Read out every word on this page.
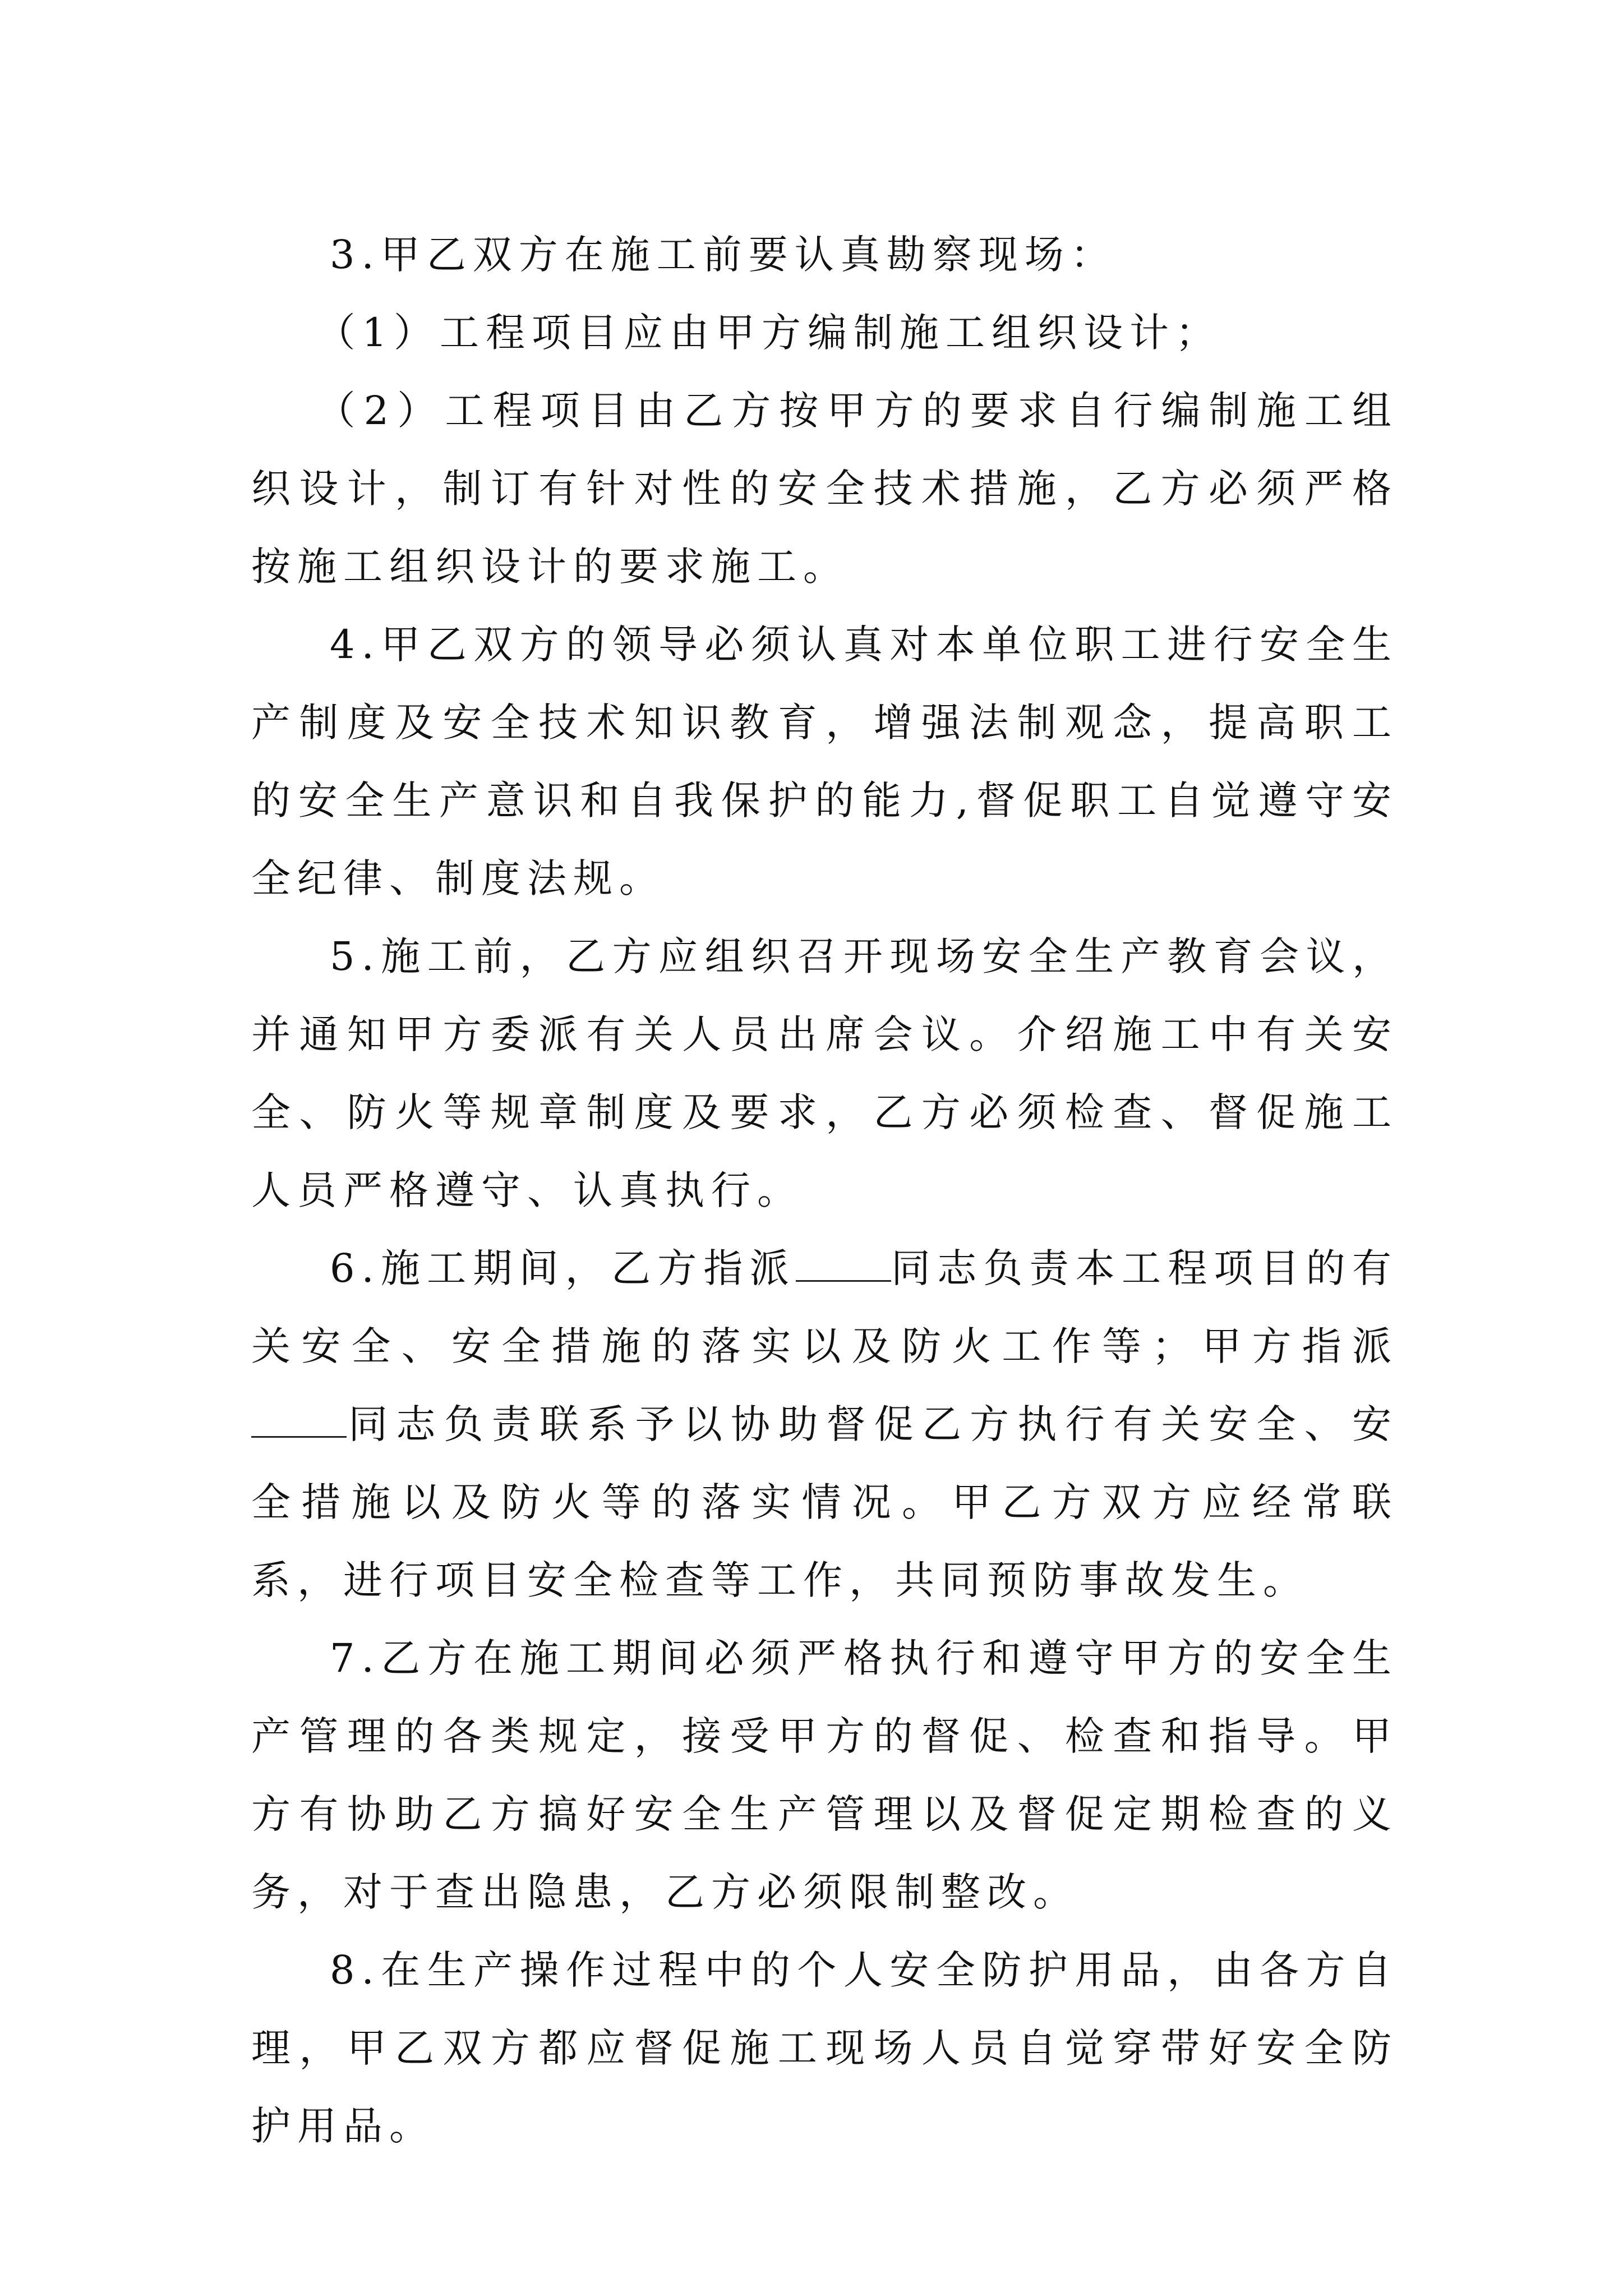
3.甲乙双方在施工前要认真勘察现场：

（1）工程项目应由甲方编制施工组织设计；

（2）工程项目由乙方按甲方的要求自行编制施工组织设计，制订有针对性的安全技术措施，乙方必须严格按施工组织设计的要求施工。

4.甲乙双方的领导必须认真对本单位职工进行安全生产制度及安全技术知识教育，增强法制观念，提高职工的安全生产意识和自我保护的能力,督促职工自觉遵守安全纪律、制度法规。

5.施工前，乙方应组织召开现场安全生产教育会议，并通知甲方委派有关人员出席会议。介绍施工中有关安全、防火等规章制度及要求，乙方必须检查、督促施工人员严格遵守、认真执行。

6.施工期间，乙方指派 同志负责本工程项目的有关安全、安全措施的落实以及防火工作等；甲方指派同志负责联系予以协助督促乙方执行有关安全、安全措施以及防火等的落实情况。甲乙方双方应经常联系，进行项目安全检查等工作，共同预防事故发生。

7.乙方在施工期间必须严格执行和遵守甲方的安全生产管理的各类规定，接受甲方的督促、检查和指导。甲方有协助乙方搞好安全生产管理以及督促定期检查的义务，对于查出隐患，乙方必须限制整改。

8.在生产操作过程中的个人安全防护用品，由各方自理，甲乙双方都应督促施工现场人员自觉穿带好安全防护用品。
